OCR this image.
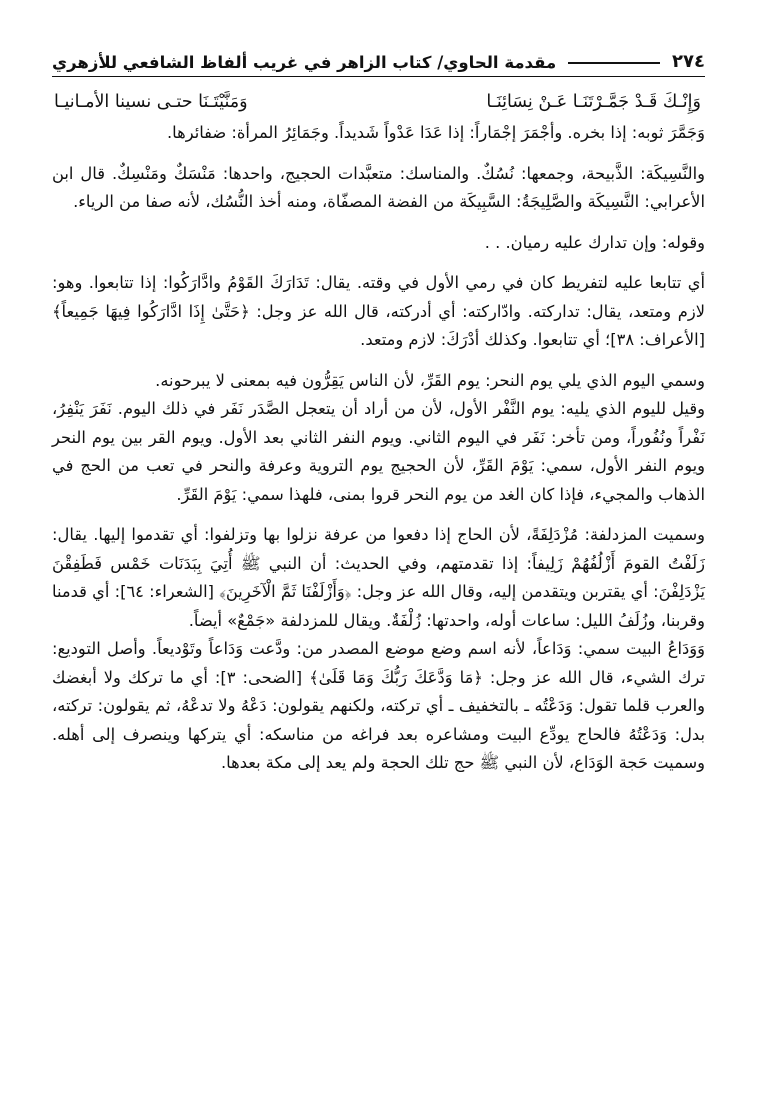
٢٧٤
مقدمة الحاوي/ كتاب الزاهر في غريب ألفاظ الشافعي للأزهري
وَإِنْـكَ قَـدْ جَمَّـرْتَنَـا عَـنْ نِسَائِنَـا
وَمَنَّيْتَـنَا حتـى نسينا الأمـانيـا

وَجَمَّرَ ثوبه: إذا بخره. وأجْمَرَ إجْمَاراً: إذا عَدَا عَدْواً شَديداً. وجَمَائِرُ المرأة: ضفائرها.

والنَّسِيكَة: الذَّبيحة، وجمعها: نُسُكٌ. والمناسك: متعبَّدات الحجيج، واحدها: مَنْسَكٌ ومَنْسِكٌ. قال ابن الأعرابي: النَّسِيكَة والصَّلِيجَةُ: السَّبِيكَة من الفضة المصفّاة، ومنه أخذ النُّسُك، لأنه صفا من الرياء.

وقوله: وإن تدارك عليه رميان. . .

أي تتابعا عليه لتفريط كان في رمي الأول في وقته. يقال: تَدَارَكَ القَوْمُ وادَّارَكُوا: إذا تتابعوا. وهو: لازم ومتعد، يقال: تداركته. وادّاركته: أي أدركته، قال الله عز وجل: ﴿حَتَّىٰ إِذَا ادَّارَكُوا فِيهَا جَمِيعاً﴾ [الأعراف: ٣٨]؛ أي تتابعوا. وكذلك أدْرَكَ: لازم ومتعد.

وسمي اليوم الذي يلي يوم النحر: يوم القَرِّ، لأن الناس يَقِرُّون فيه بمعنى لا يبرحونه.

وقيل لليوم الذي يليه: يوم النَّفْر الأول، لأن من أراد أن يتعجل الصَّدَر نَفَر في ذلك اليوم. نَفَرَ يَنْفِرُ، نَفْراً ونُفُوراً، ومن تأخر: نَفَر في اليوم الثاني. ويوم النفر الثاني بعد الأول. ويوم القر بين يوم النحر ويوم النفر الأول، سمي: يَوْمَ القَرِّ، لأن الحجيج يوم التروية وعرفة والنحر في تعب من الحج في الذهاب والمجيء، فإذا كان الغد من يوم النحر قروا بمنى، فلهذا سمي: يَوْمَ القَرِّ.

وسميت المزدلفة: مُزْدَلِفَةً، لأن الحاج إذا دفعوا من عرفة نزلوا بها وتزلفوا: أي تقدموا إليها. يقال: زَلَفْتُ القومَ أَزْلُفُهُمْ زَلِيفاً: إذا تقدمتهم، وفي الحديث: أن النبي ﷺ أُتِيَ بِبَدَنَات خَمْس فَطَفِقْنَ يَزْدَلِفْنَ: أي يقتربن ويتقدمن إليه، وقال الله عز وجل: ﴿وَأَزْلَفْنَا ثَمَّ الْآخَرِينَ﴾ [الشعراء: ٦٤]: أي قدمنا وقربنا، وزُلَفُ الليل: ساعات أوله، واحدتها: زُلْفَةٌ. ويقال للمزدلفة «جَمْعٌ» أيضاً.

وَوَدَاعُ البيت سمي: وَدَاعاً، لأنه اسم وضع موضع المصدر من: ودَّعت وَدَاعاً وتَوْديعاً. وأصل التوديع: ترك الشيء، قال الله عز وجل: ﴿مَا وَدَّعَكَ رَبُّكَ وَمَا قَلَىٰ﴾ [الضحى: ٣]: أي ما تركك ولا أبغضك والعرب قلما تقول: وَدَعْتُه ـ بالتخفيف ـ أي تركته، ولكنهم يقولون: دَعْهُ ولا تدعْهُ، ثم يقولون: تركته، بدل: وَدَعْتُهُ فالحاج يودِّع البيت ومشاعره بعد فراغه من مناسكه: أي يتركها وينصرف إلى أهله. وسميت حَجة الوَدَاع، لأن النبي ﷺ حج تلك الحجة ولم يعد إلى مكة بعدها.
